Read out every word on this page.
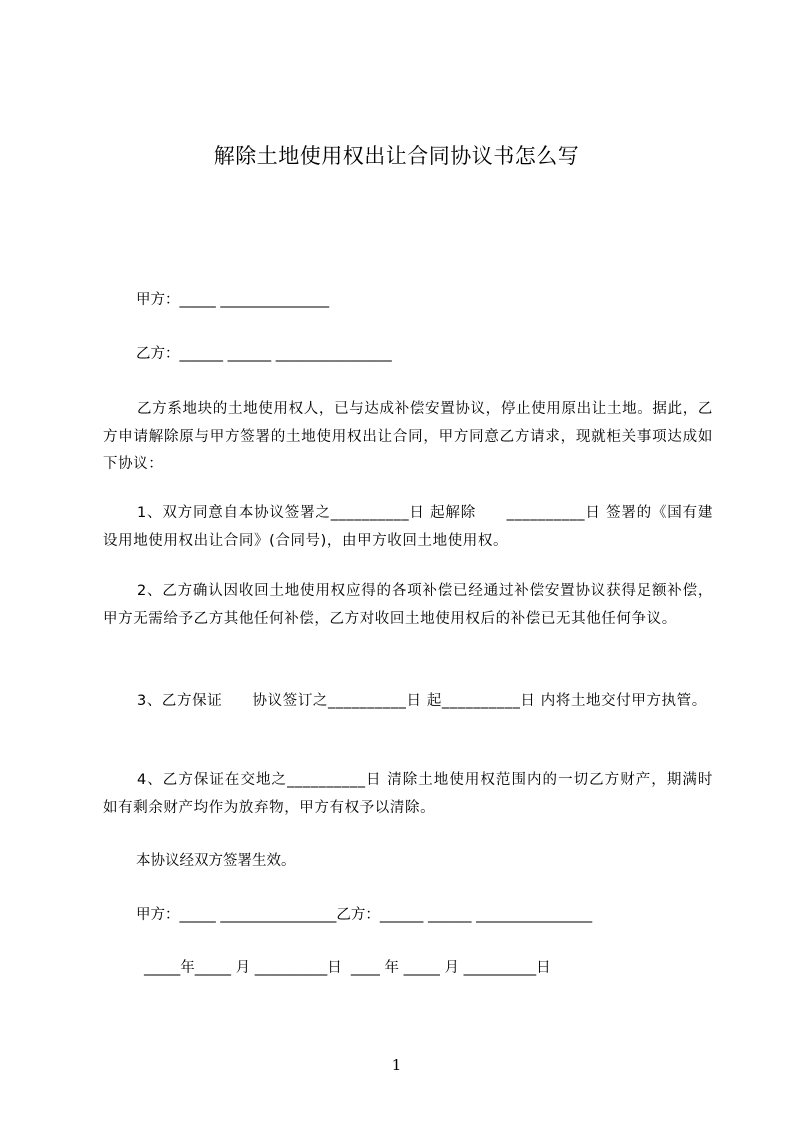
解除土地使用权出让合同协议书怎么写
甲方：_____ _______________
乙方：______ ______ ________________
乙方系地块的土地使用权人，已与达成补偿安置协议，停止使用原出让土地。据此，乙方申请解除原与甲方签署的土地使用权出让合同，甲方同意乙方请求，现就柜关事项达成如下协议：
1、双方同意自本协议签署之__________日 起解除　　__________日 签署的《国有建设用地使用权出让合同》(合同号)，由甲方收回土地使用权。
2、乙方确认因收回土地使用权应得的各项补偿已经通过补偿安置协议获得足额补偿，甲方无需给予乙方其他任何补偿，乙方对收回土地使用权后的补偿已无其他任何争议。
3、乙方保证　　协议签订之__________日 起__________日 内将土地交付甲方执管。
4、乙方保证在交地之__________日 清除土地使用权范围内的一切乙方财产，期满时如有剩余财产均作为放弃物，甲方有权予以清除。
本协议经双方签署生效。
甲方：_____ ________________乙方：______ ______ ________________
_____年_____ 月 __________日  ____ 年 _____ 月 __________日
1
